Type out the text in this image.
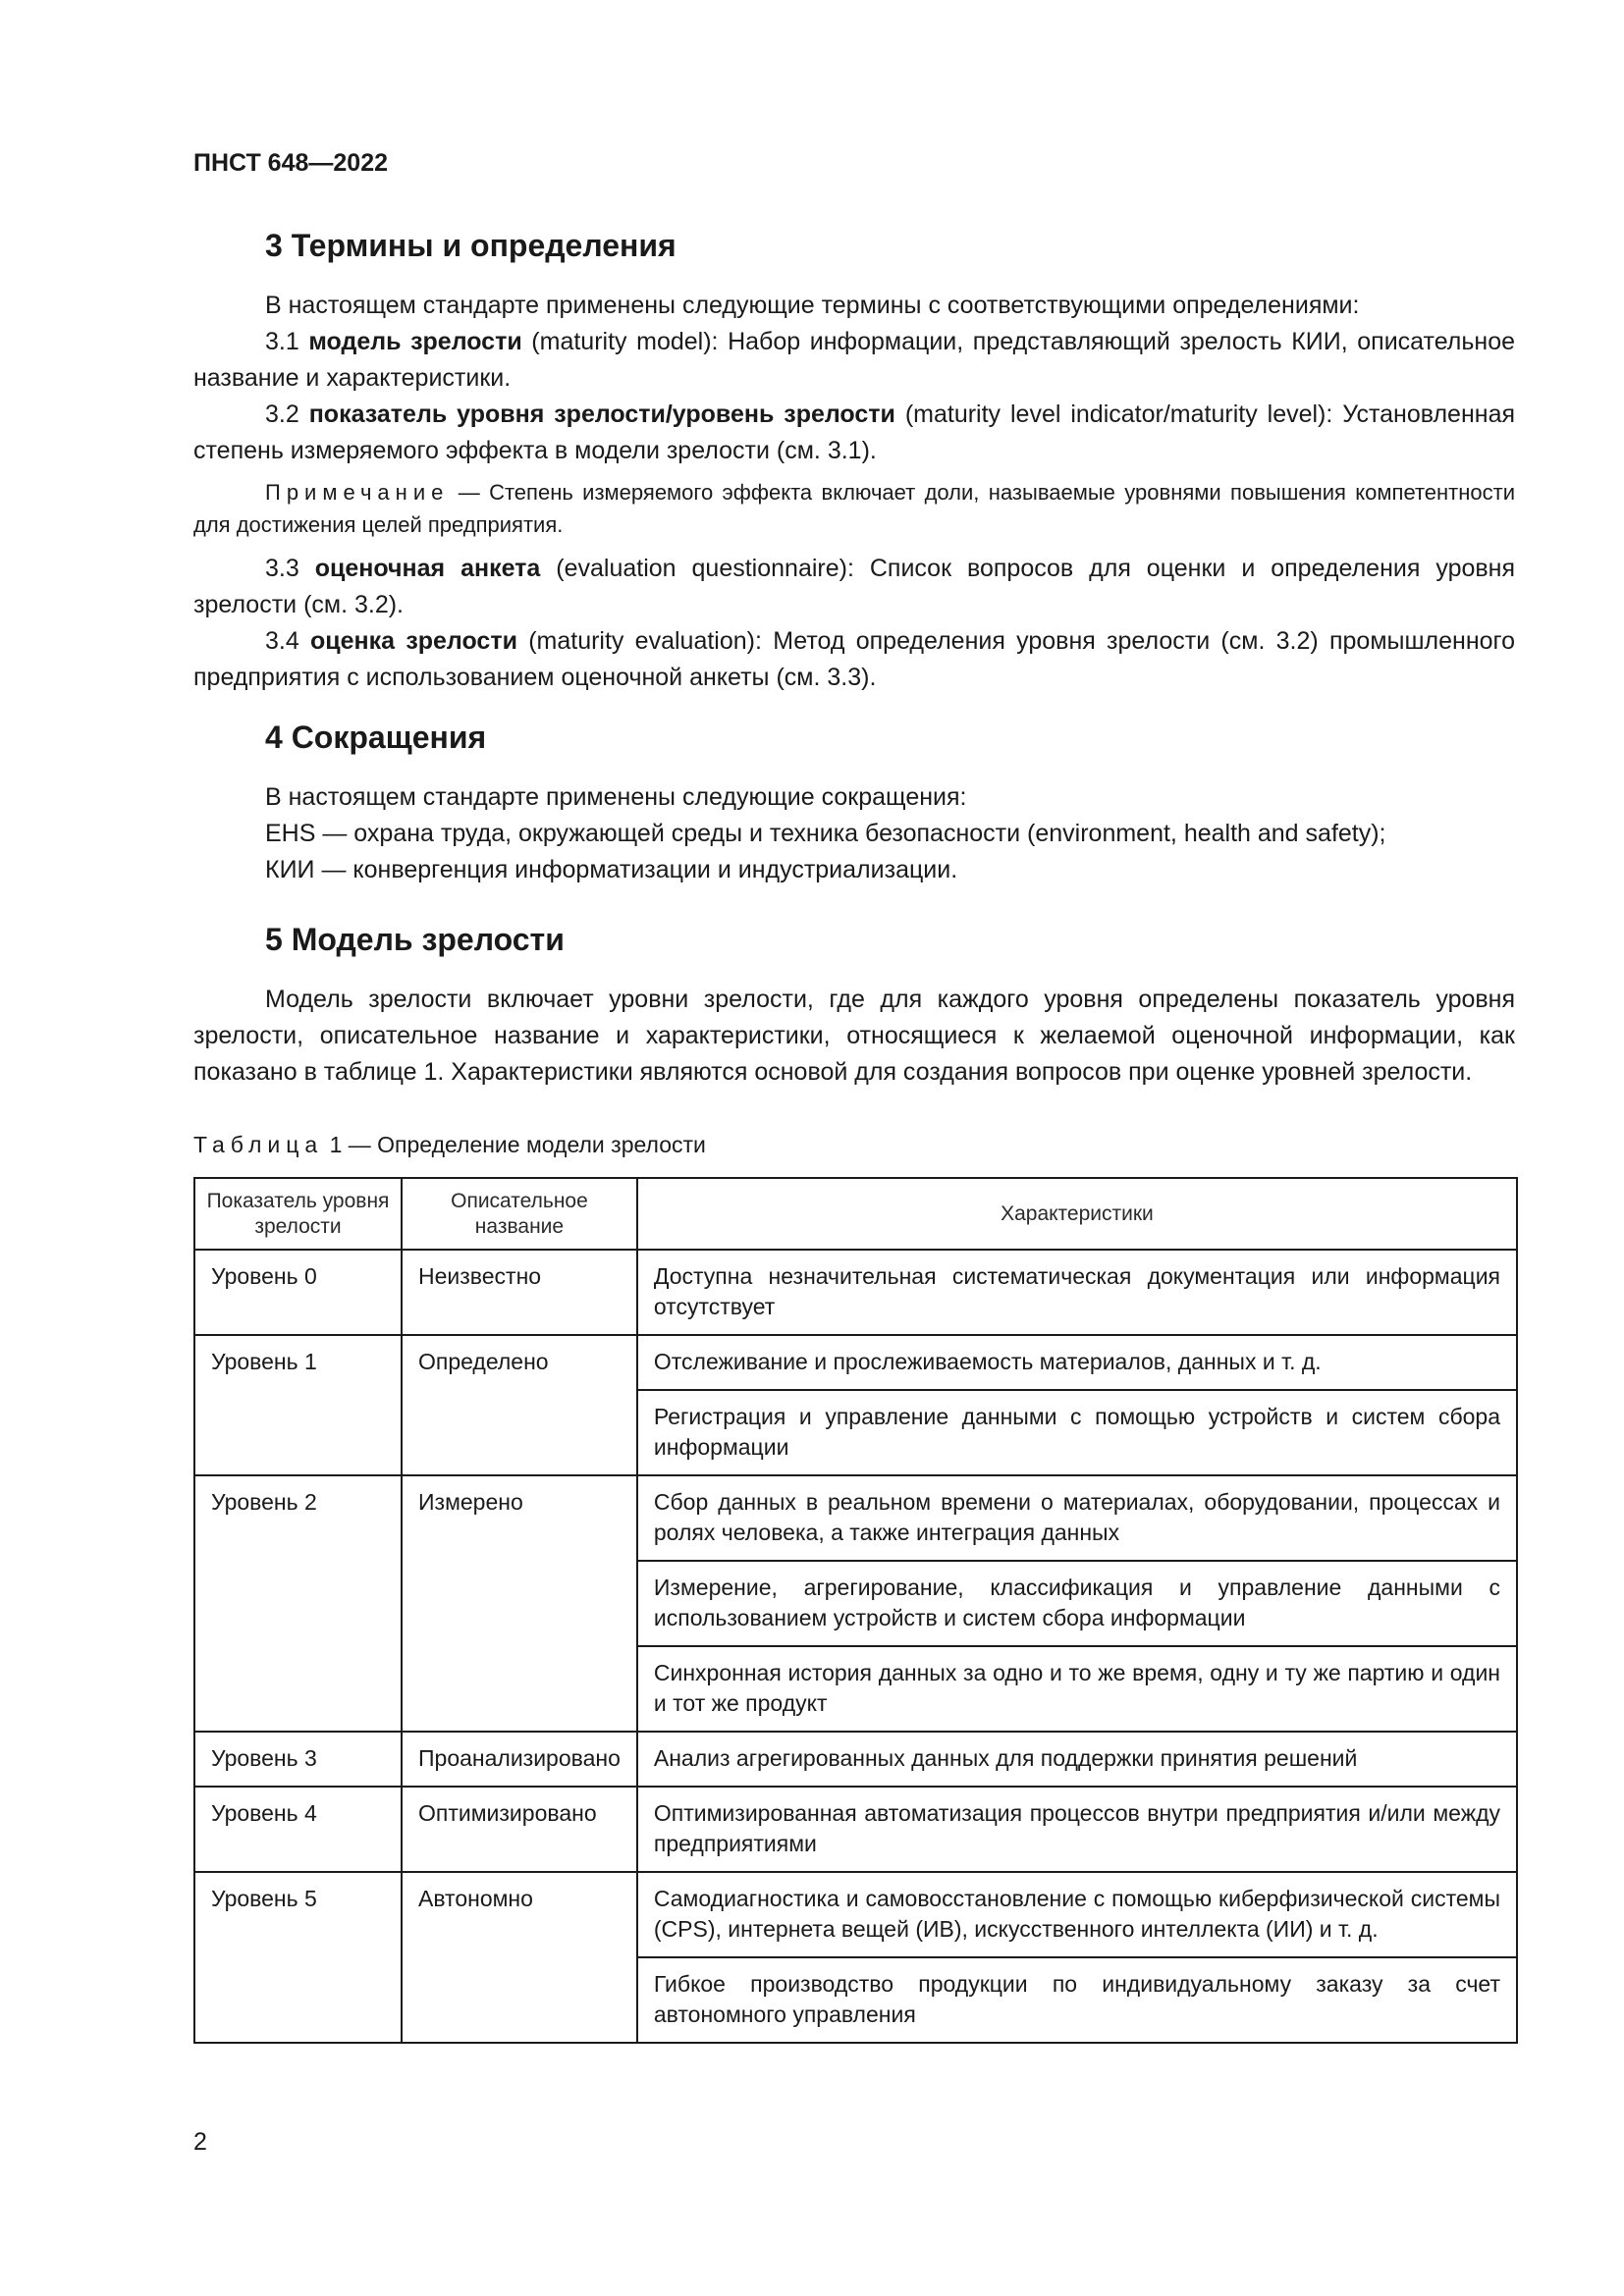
ПНСТ 648—2022
3 Термины и определения

В настоящем стандарте применены следующие термины с соответствующими определениями:

3.1 модель зрелости (maturity model): Набор информации, представляющий зрелость КИИ, описательное название и характеристики.

3.2 показатель уровня зрелости/уровень зрелости (maturity level indicator/maturity level): Установленная степень измеряемого эффекта в модели зрелости (см. 3.1).

Примечание — Степень измеряемого эффекта включает доли, называемые уровнями повышения компетентности для достижения целей предприятия.

3.3 оценочная анкета (evaluation questionnaire): Список вопросов для оценки и определения уровня зрелости (см. 3.2).

3.4 оценка зрелости (maturity evaluation): Метод определения уровня зрелости (см. 3.2) промышленного предприятия с использованием оценочной анкеты (см. 3.3).

4 Сокращения
В настоящем стандарте применены следующие сокращения:
EHS — охрана труда, окружающей среды и техника безопасности (environment, health and safety);
КИИ — конвергенция информатизации и индустриализации.
5 Модель зрелости

Модель зрелости включает уровни зрелости, где для каждого уровня определены показатель уровня зрелости, описательное название и характеристики, относящиеся к желаемой оценочной информации, как показано в таблице 1. Характеристики являются основой для создания вопросов при оценке уровней зрелости.

Таблица 1 — Определение модели зрелости
Показатель уровня зрелости	Описательное название	Характеристики
Уровень 0	Неизвестно	Доступна незначительная систематическая документация или информация отсутствует
Уровень 1	Определено	Отслеживание и прослеживаемость материалов, данных и т. д.
		Регистрация и управление данными с помощью устройств и систем сбора информации
Уровень 2	Измерено	Сбор данных в реальном времени о материалах, оборудовании, процессах и ролях человека, а также интеграция данных
		Измерение, агрегирование, классификация и управление данными с использованием устройств и систем сбора информации
		Синхронная история данных за одно и то же время, одну и ту же партию и один и тот же продукт
Уровень 3	Проанализировано	Анализ агрегированных данных для поддержки принятия решений
Уровень 4	Оптимизировано	Оптимизированная автоматизация процессов внутри предприятия и/или между предприятиями
Уровень 5	Автономно	Самодиагностика и самовосстановление с помощью киберфизической системы (CPS), интернета вещей (ИВ), искусственного интеллекта (ИИ) и т. д.
		Гибкое производство продукции по индивидуальному заказу за счет автономного управления
2
